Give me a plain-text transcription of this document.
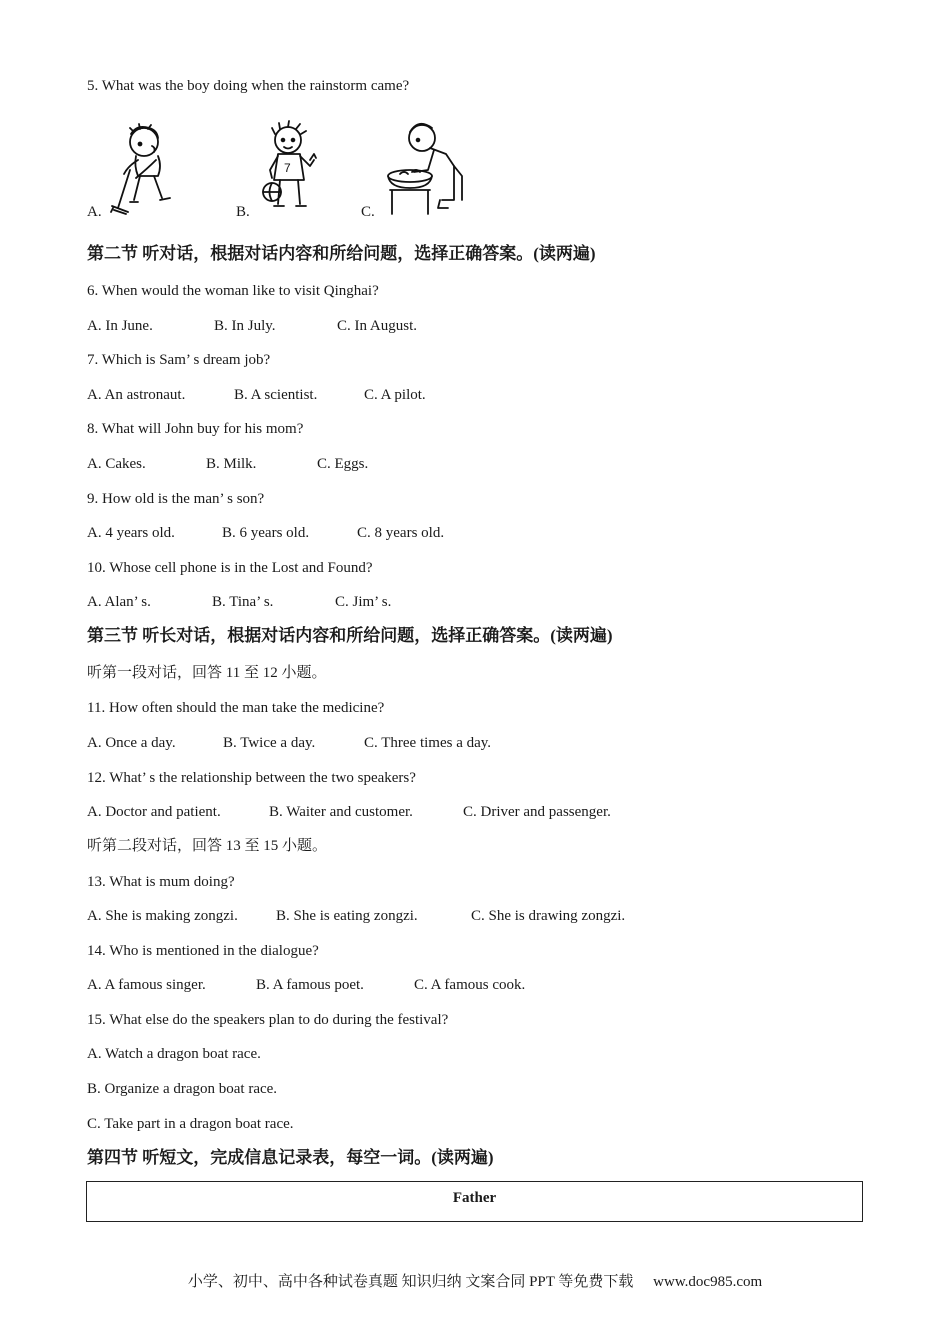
5. What was the boy doing when the rainstorm came?
A.	B.
7
C.
第二节 听对话，根据对话内容和所给问题，选择正确答案。(读两遍)
6. When would the woman like to visit Qinghai?
A. In June.	B. In July.	C. In August.
7. Which is Sam’ s dream job?
A. An astronaut.	B. A scientist.	C. A pilot.
8. What will John buy for his mom?
A. Cakes.	B. Milk.	C. Eggs.
9. How old is the man’ s son?
A. 4 years old.	B. 6 years old.	C. 8 years old.
10. Whose cell phone is in the Lost and Found?
A. Alan’ s.	B. Tina’ s.	C. Jim’ s.
第三节 听长对话，根据对话内容和所给问题，选择正确答案。(读两遍)
听第一段对话，回答 11 至 12 小题。
11. How often should the man take the medicine?
A. Once a day.	B. Twice a day.	C. Three times a day.
12. What’ s the relationship between the two speakers?
A. Doctor and patient.	B. Waiter and customer.	C. Driver and passenger.
听第二段对话，回答 13 至 15 小题。
13. What is mum doing?
A. She is making zongzi.	B. She is eating zongzi.	C. She is drawing zongzi.
14. Who is mentioned in the dialogue?
A. A famous singer.	B. A famous poet.	C. A famous cook.
15. What else do the speakers plan to do during the festival?
A. Watch a dragon boat race.
B. Organize a dragon boat race.
C. Take part in a dragon boat race.
第四节 听短文，完成信息记录表，每空一词。(读两遍)
Father
小学、初中、高中各种试卷真题 知识归纳 文案合同 PPT 等免费下载 www.doc985.com
